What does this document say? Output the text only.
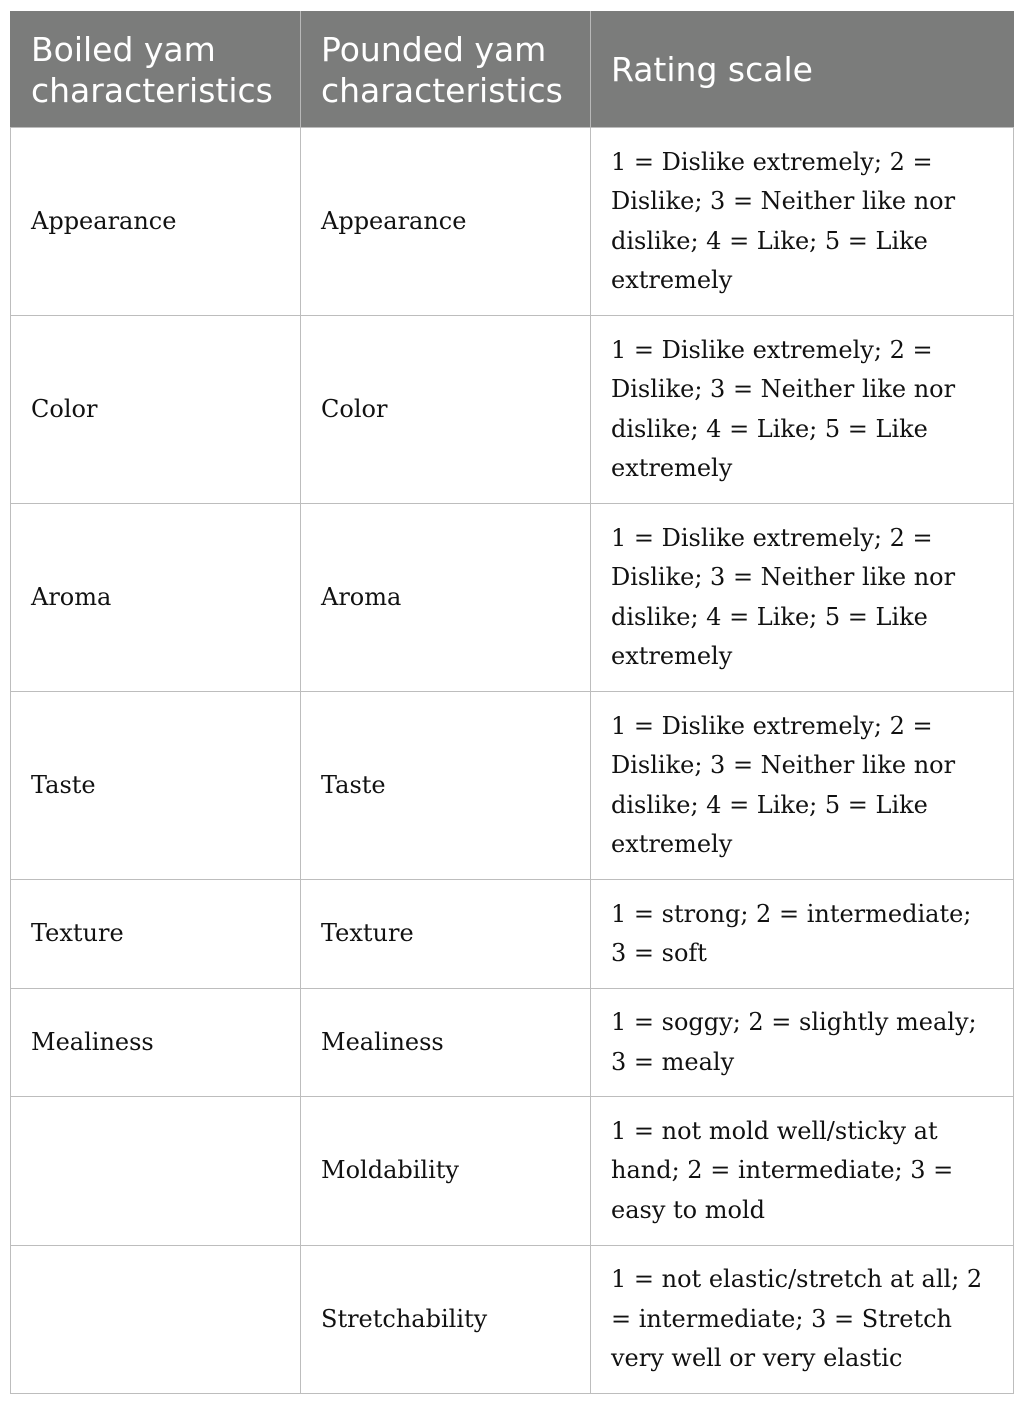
Boiled yam characteristics	Pounded yam characteristics	Rating scale
Appearance	Appearance	1 = Dislike extremely; 2 = Dislike; 3 = Neither like nor dislike; 4 = Like; 5 = Like extremely
Color	Color	1 = Dislike extremely; 2 = Dislike; 3 = Neither like nor dislike; 4 = Like; 5 = Like extremely
Aroma	Aroma	1 = Dislike extremely; 2 = Dislike; 3 = Neither like nor dislike; 4 = Like; 5 = Like extremely
Taste	Taste	1 = Dislike extremely; 2 = Dislike; 3 = Neither like nor dislike; 4 = Like; 5 = Like extremely
Texture	Texture	1 = strong; 2 = intermediate; 3 = soft
Mealiness	Mealiness	1 = soggy; 2 = slightly mealy; 3 = mealy
	Moldability	1 = not mold well/sticky at hand; 2 = intermediate; 3 = easy to mold
	Stretchability	1 = not elastic/stretch at all; 2 = intermediate; 3 = Stretch very well or very elastic
